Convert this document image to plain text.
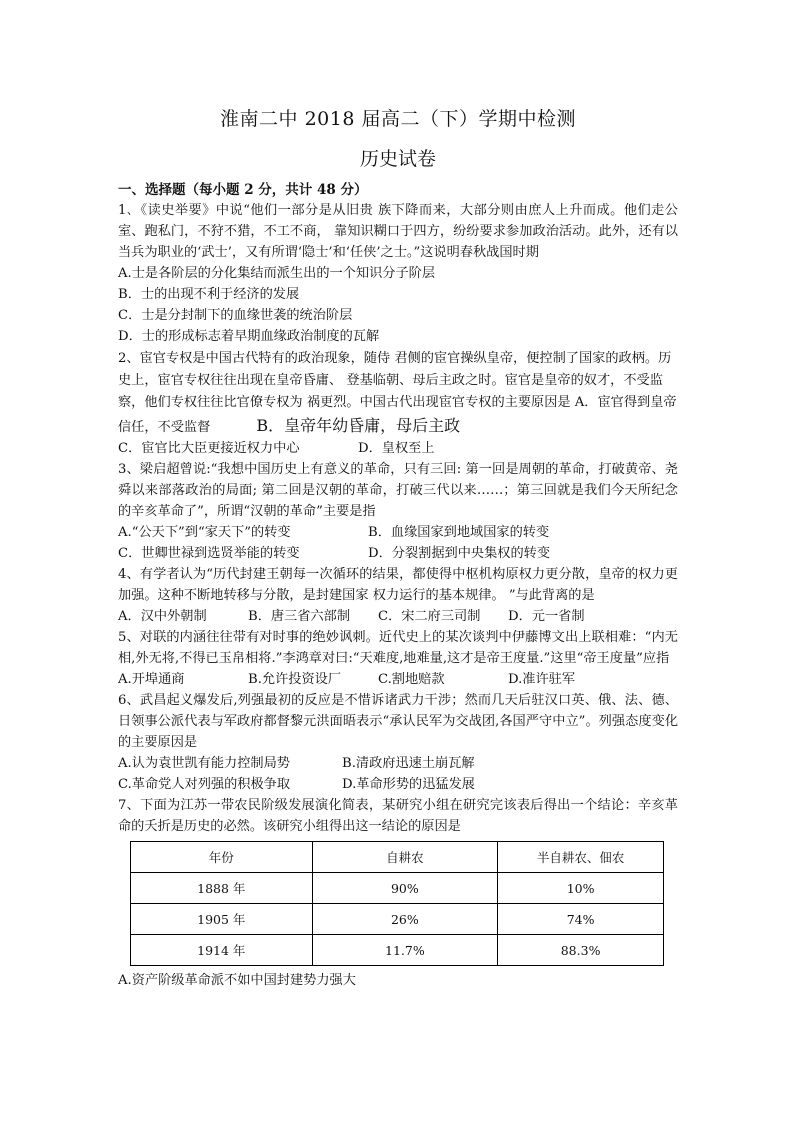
淮南二中 2018 届高二（下）学期中检测

历史试卷

一、选择题（每小题 2 分，共计 48 分）

1､《读史举要》中说“他们一部分是从旧贵 族下降而来，大部分则由庶人上升而成。他们走公室、跑私门，不狩不猎，不工不商， 靠知识糊口于四方，纷纷要求参加政治活动。此外，还有以当兵为职业的‘武士’，又有所谓‘隐士’和‘任侠’之士。”这说明春秋战国时期

A.士是各阶层的分化集结而派生出的一个知识分子阶层

B．士的出现不利于经济的发展

C．士是分封制下的血缘世袭的统治阶层

D．士的形成标志着早期血缘政治制度的瓦解

2、宦官专权是中国古代特有的政治现象，随侍 君侧的宦官操纵皇帝，便控制了国家的政柄。历史上，宦官专权往往出现在皇帝昏庸、 登基临朝、母后主政之时。宦官是皇帝的奴才，不受监察，他们专权往往比官僚专权为 祸更烈。中国古代出现宦官专权的主要原因是 A．宦官得到皇帝信任，不受监督	B．皇帝年幼昏庸，母后主政

C．宦官比大臣更接近权力中心	D．皇权至上

3、梁启超曾说:“我想中国历史上有意义的革命，只有三回: 第一回是周朝的革命，打破黄帝、尧舜以来部落政治的局面; 第二回是汉朝的革命，打破三代以来……；第三回就是我们今天所纪念的辛亥革命了”，所谓“汉朝的革命”主要是指

A.“公天下”到“家天下”的转变	B．血缘国家到地域国家的转变

C．世卿世禄到选贤举能的转变	D．分裂割据到中央集权的转变

4、有学者认为“历代封建王朝每一次循环的结果，都使得中枢机构原权力更分散，皇帝的权力更加强。这种不断地转移与分散，是封建国家 权力运行的基本规律。 ”与此背离的是

A．汉中外朝制	B．唐三省六部制	C．宋二府三司制	D．元一省制

5、对联的内涵往往带有对时事的绝妙讽刺。近代史上的某次谈判中伊藤博文出上联相难：“内无相,外无将,不得已玉帛相将.”李鸿章对曰:“天难度,地难量,这才是帝王度量.”这里“帝王度量”应指

A.开埠通商	B.允许投资设厂	C.割地赔款	D.准许驻军

6、武昌起义爆发后,列强最初的反应是不惜诉诸武力干涉；然而几天后驻汉口英、俄、法、德、日领事公派代表与军政府都督黎元洪面晤表示“承认民军为交战团,各国严守中立”。列强态度变化的主要原因是

A.认为袁世凯有能力控制局势	B.清政府迅速土崩瓦解

C.革命党人对列强的积极争取	D.革命形势的迅猛发展

7、下面为江苏一带农民阶级发展演化简表，某研究小组在研究完该表后得出一个结论：辛亥革命的夭折是历史的必然。该研究小组得出这一结论的原因是

年份	自耕农	半自耕农、佃农
1888 年	90%	10%
1905 年	26%	74%
1914 年	11.7%	88.3%

A.资产阶级革命派不如中国封建势力强大
